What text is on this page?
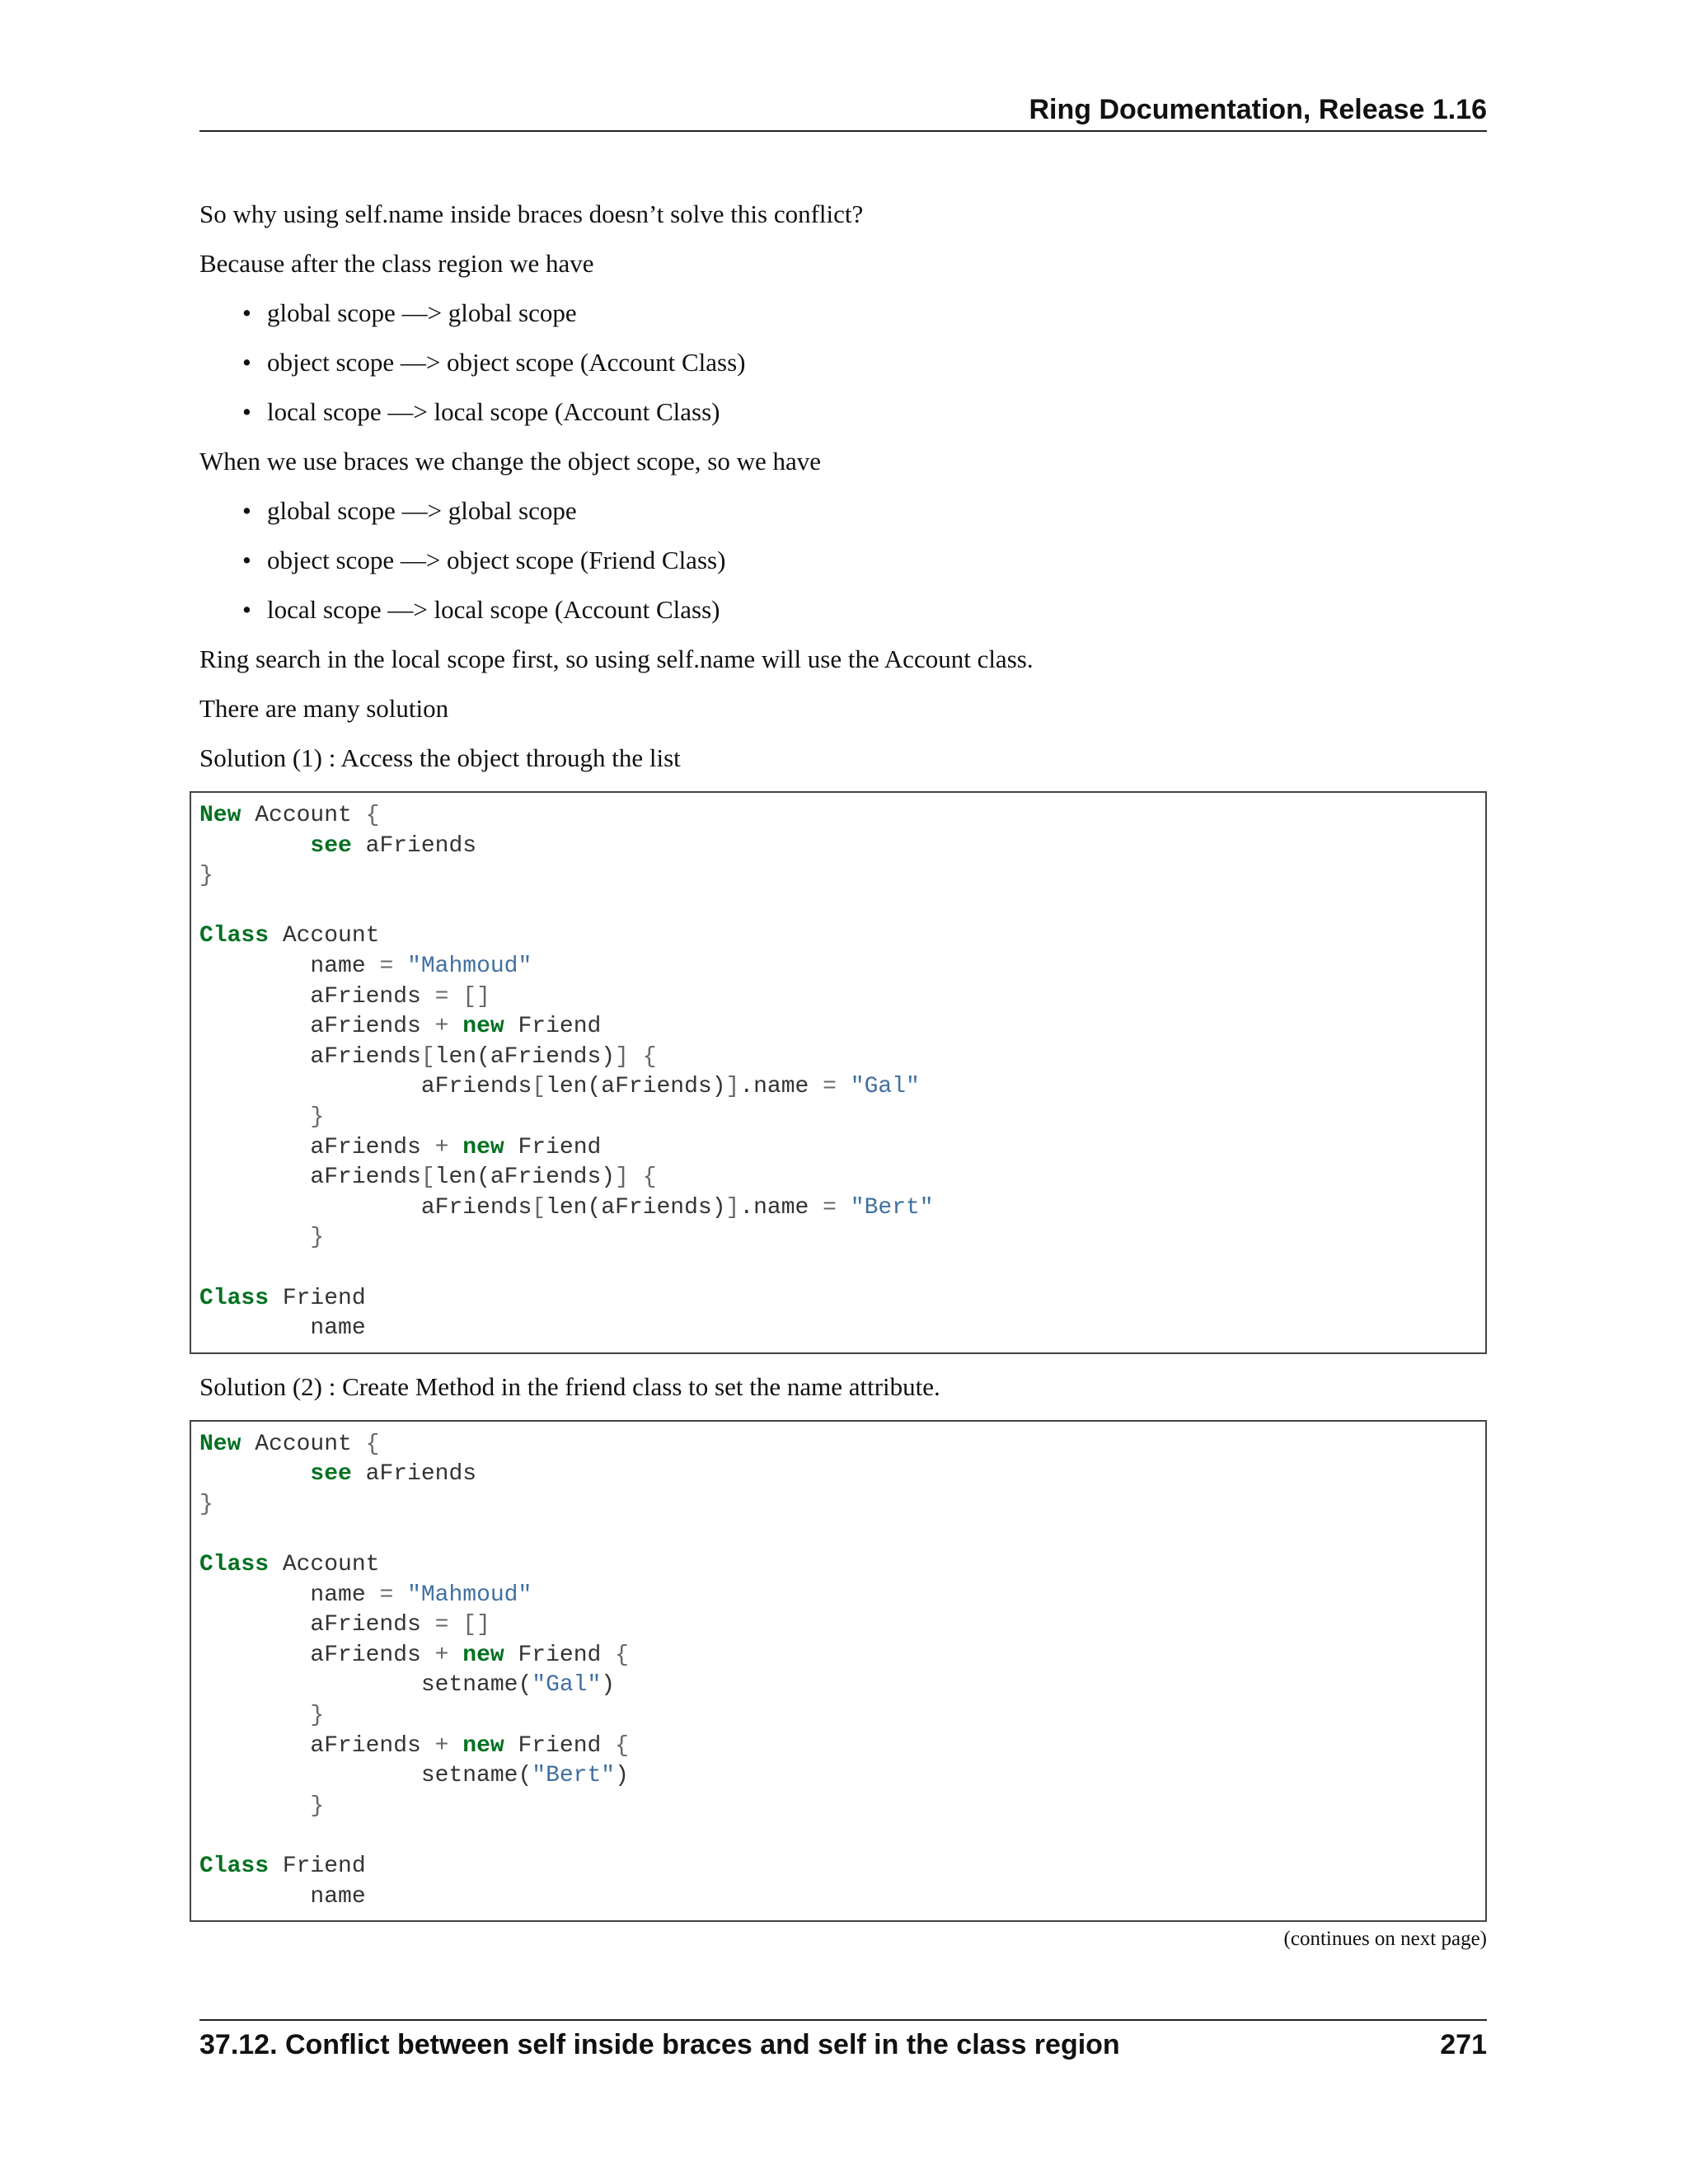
Ring Documentation, Release 1.16

So why using self.name inside braces doesn’t solve this conflict?

Because after the class region we have

• global scope —> global scope
• object scope —> object scope (Account Class)
• local scope —> local scope (Account Class)

When we use braces we change the object scope, so we have

• global scope —> global scope
• object scope —> object scope (Friend Class)
• local scope —> local scope (Account Class)

Ring search in the local scope first, so using self.name will use the Account class.

There are many solution

Solution (1) : Access the object through the list

New Account {
see aFriends
}
Class Account
name = "Mahmoud"
aFriends = []
aFriends + new Friend
aFriends[len(aFriends)] {
aFriends[len(aFriends)].name = "Gal"
}
aFriends + new Friend
aFriends[len(aFriends)] {
aFriends[len(aFriends)].name = "Bert"
}
Class Friend
name

Solution (2) : Create Method in the friend class to set the name attribute.

New Account {
see aFriends
}
Class Account
name = "Mahmoud"
aFriends = []
aFriends + new Friend {
setname("Gal")
}
aFriends + new Friend {
setname("Bert")
}
Class Friend
name
(continues on next page)
37.12. Conflict between self inside braces and self in the class region	271
